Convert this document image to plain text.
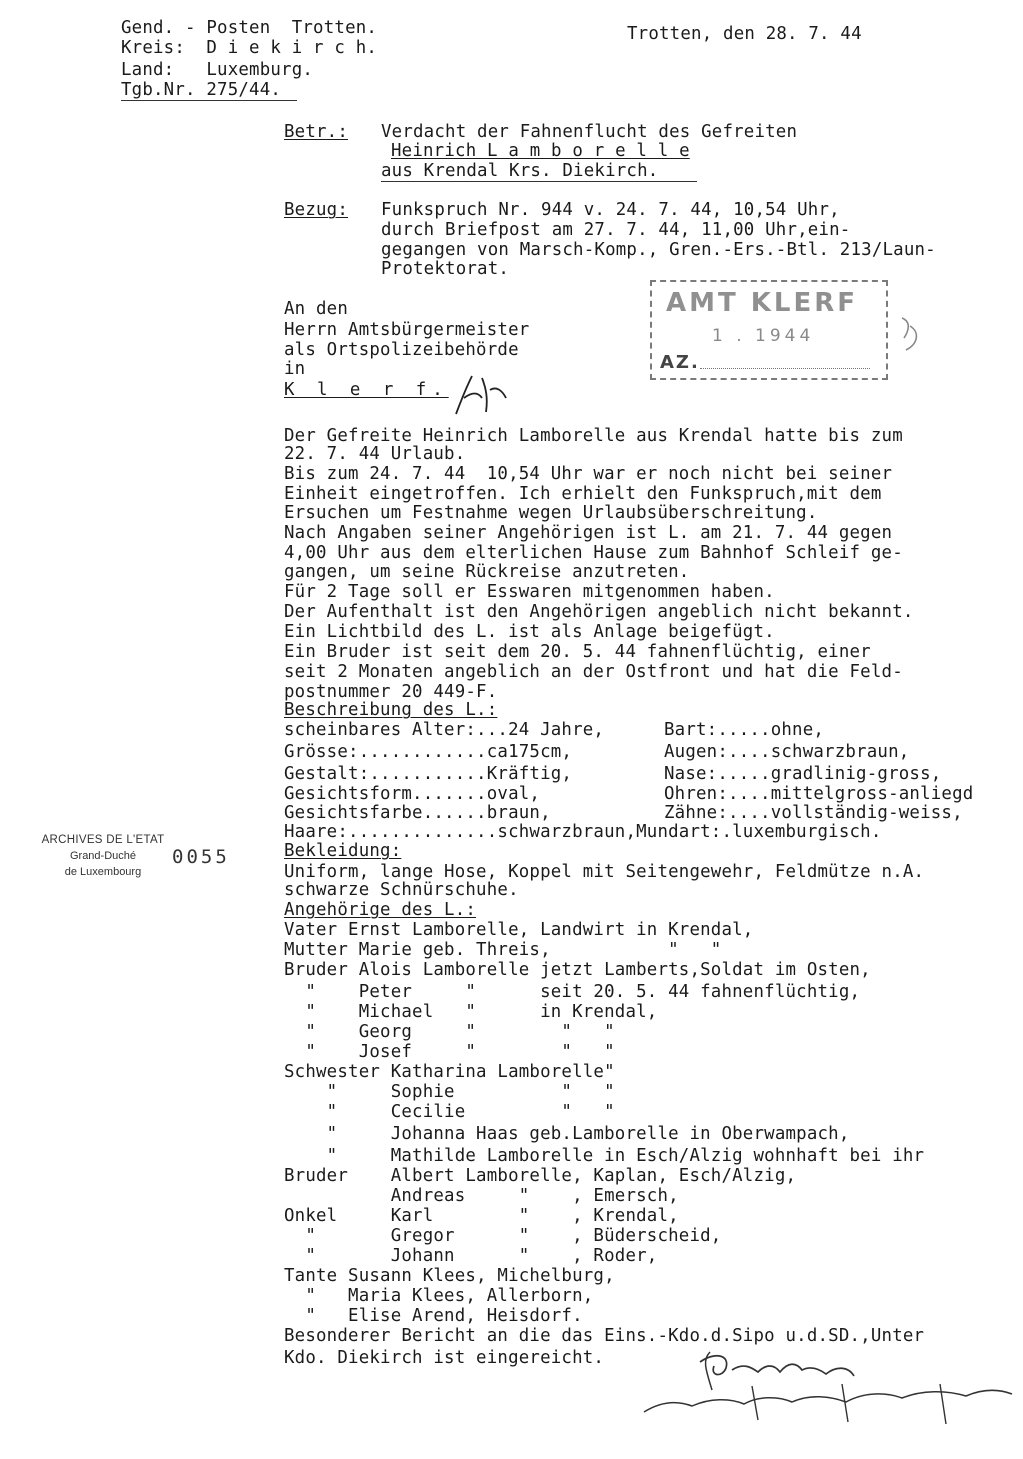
Gend. - Posten  Trotten.
Kreis:  D i e k i r c h.
Land:   Luxemburg.
Tgb.Nr. 275/44.
Trotten, den 28. 7. 44
Betr.: Verdacht der Fahnenflucht des Gefreiten
Heinrich L a m b o r e l l e
aus Krendal Krs. Diekirch.
Bezug: Funkspruch Nr. 944 v. 24. 7. 44, 10,54 Uhr,
durch Briefpost am 27. 7. 44, 11,00 Uhr,ein-
gegangen von Marsch-Komp., Gren.-Ers.-Btl. 213/Laun-
Protektorat.
AMT KLERF
1 . 1944
AZ.
An den
Herrn Amtsbürgermeister
als Ortspolizeibehörde
in
K l e r f.
Der Gefreite Heinrich Lamborelle aus Krendal hatte bis zum
22. 7. 44 Urlaub.
Bis zum 24. 7. 44  10,54 Uhr war er noch nicht bei seiner
Einheit eingetroffen. Ich erhielt den Funkspruch,mit dem
Ersuchen um Festnahme wegen Urlaubsüberschreitung.
Nach Angaben seiner Angehörigen ist L. am 21. 7. 44 gegen
4,00 Uhr aus dem elterlichen Hause zum Bahnhof Schleif ge-
gangen, um seine Rückreise anzutreten.
Für 2 Tage soll er Esswaren mitgenommen haben.
Der Aufenthalt ist den Angehörigen angeblich nicht bekannt.
Ein Lichtbild des L. ist als Anlage beigefügt.
Ein Bruder ist seit dem 20. 5. 44 fahnenflüchtig, einer
seit 2 Monaten angeblich an der Ostfront und hat die Feld-
postnummer 20 449-F.
Beschreibung des L.:
scheinbares Alter:...24 Jahre,	Bart:.....ohne,
Grösse:............ca175cm,	Augen:....schwarzbraun,
Gestalt:...........Kräftig,	Nase:.....gradlinig-gross,
Gesichtsform.......oval,	Ohren:....mittelgross-anliegd
Gesichtsfarbe......braun,	Zähne:....vollständig-weiss,
Haare:..............schwarzbraun,Mundart:.luxemburgisch.
Bekleidung:
Uniform, lange Hose, Koppel mit Seitengewehr, Feldmütze n.A.
schwarze Schnürschuhe.
Angehörige des L.:
Vater Ernst Lamborelle, Landwirt in Krendal,
Mutter Marie geb. Threis,           "   "
Bruder Alois Lamborelle jetzt Lamberts,Soldat im Osten,
"    Peter     "      seit 20. 5. 44 fahnenflüchtig,
"    Michael   "      in Krendal,
"    Georg     "        "   "
"    Josef     "        "   "
Schwester Katharina Lamborelle"
"     Sophie          "   "
"     Cecilie         "   "
"     Johanna Haas geb.Lamborelle in Oberwampach,
"     Mathilde Lamborelle in Esch/Alzig wohnhaft bei ihr
Bruder    Albert Lamborelle, Kaplan, Esch/Alzig,
Andreas     "    , Emersch,
Onkel     Karl        "    , Krendal,
"       Gregor      "    , Büderscheid,
"       Johann      "    , Roder,
Tante Susann Klees, Michelburg,
"   Maria Klees, Allerborn,
"   Elise Arend, Heisdorf.
Besonderer Bericht an die das Eins.-Kdo.d.Sipo u.d.SD.,Unter
Kdo. Diekirch ist eingereicht.
ARCHIVES DE L'ETAT
Grand-Duché
de Luxembourg
0055
